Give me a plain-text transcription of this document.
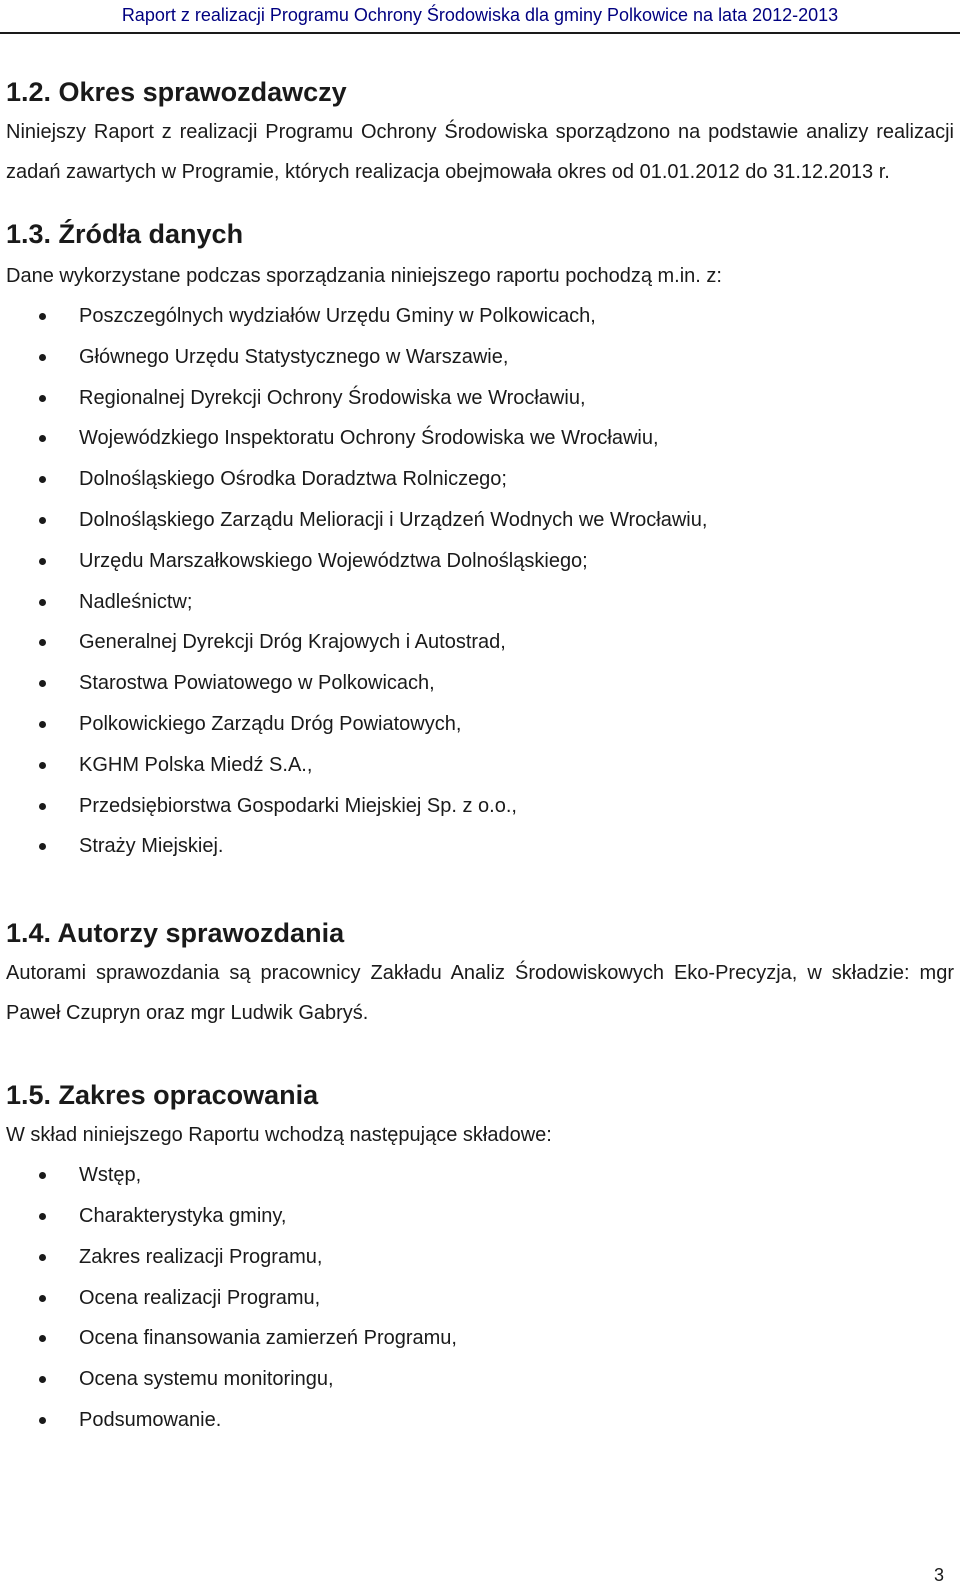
Raport z realizacji Programu Ochrony Środowiska dla gminy Polkowice na lata 2012-2013
1.2. Okres sprawozdawczy

Niniejszy Raport z realizacji Programu Ochrony Środowiska sporządzono na podstawie analizy realizacji zadań zawartych w Programie, których realizacja obejmowała okres od 01.01.2012 do 31.12.2013 r.

1.3. Źródła danych

Dane wykorzystane podczas sporządzania niniejszego raportu pochodzą m.in. z:

Poszczególnych wydziałów Urzędu Gminy w Polkowicach,
Głównego Urzędu Statystycznego w Warszawie,
Regionalnej Dyrekcji Ochrony Środowiska we Wrocławiu,
Wojewódzkiego Inspektoratu Ochrony Środowiska we Wrocławiu,
Dolnośląskiego Ośrodka Doradztwa Rolniczego;
Dolnośląskiego Zarządu Melioracji i Urządzeń Wodnych we Wrocławiu,
Urzędu Marszałkowskiego Województwa Dolnośląskiego;
Nadleśnictw;
Generalnej Dyrekcji Dróg Krajowych i Autostrad,
Starostwa Powiatowego w Polkowicach,
Polkowickiego Zarządu Dróg Powiatowych,
KGHM Polska Miedź S.A.,
Przedsiębiorstwa Gospodarki Miejskiej Sp. z o.o.,
Straży Miejskiej.
1.4. Autorzy sprawozdania

Autorami sprawozdania są pracownicy Zakładu Analiz Środowiskowych Eko-Precyzja, w składzie: mgr Paweł Czupryn oraz mgr Ludwik Gabryś.

1.5. Zakres opracowania

W skład niniejszego Raportu wchodzą następujące składowe:

Wstęp,
Charakterystyka gminy,
Zakres realizacji Programu,
Ocena realizacji Programu,
Ocena finansowania zamierzeń Programu,
Ocena systemu monitoringu,
Podsumowanie.
3
